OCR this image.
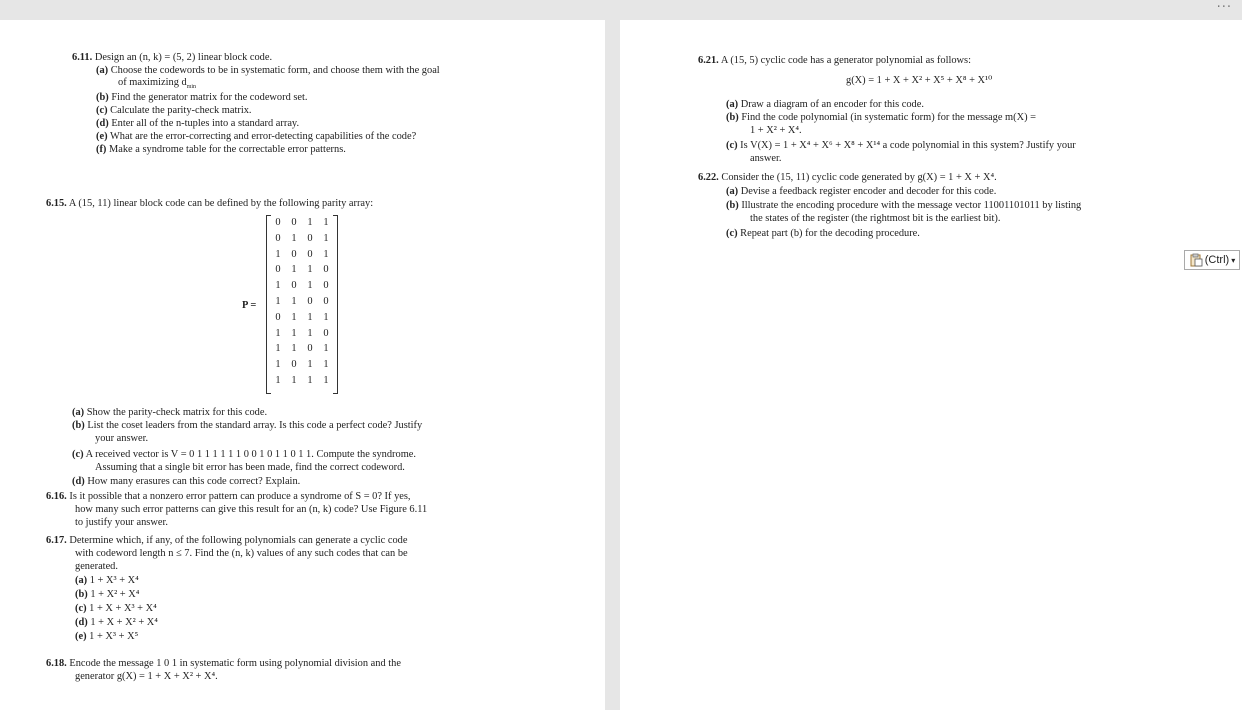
···
6.11. Design an (n, k) = (5, 2) linear block code.
(a) Choose the codewords to be in systematic form, and choose them with the goal
of maximizing $d_{min}$
(b) Find the generator matrix for the codeword set.
(c) Calculate the parity-check matrix.
(d) Enter all of the n-tuples into a standard array.
(e) What are the error-correcting and error-detecting capabilities of the code?
(f) Make a syndrome table for the correctable error patterns.
6.15. A (15, 11) linear block code can be defined by the following parity array:
P =
0 0 1 1
0 1 0 1
1 0 0 1
0 1 1 0
1 0 1 0
1 1 0 0
0 1 1 1
1 1 1 0
1 1 0 1
1 0 1 1
1 1 1 1
(a) Show the parity-check matrix for this code.
(b) List the coset leaders from the standard array. Is this code a perfect code? Justify
your answer.
(c) A received vector is V = 0 1 1 1 1 1 1 0 0 1 0 1 1 0 1 1. Compute the syndrome.
Assuming that a single bit error has been made, find the correct codeword.
(d) How many erasures can this code correct? Explain.
6.16. Is it possible that a nonzero error pattern can produce a syndrome of S = 0? If yes,
how many such error patterns can give this result for an (n, k) code? Use Figure 6.11
to justify your answer.
6.17. Determine which, if any, of the following polynomials can generate a cyclic code
with codeword length n ≤ 7. Find the (n, k) values of any such codes that can be
generated.
(a) 1 + X³ + X⁴
(b) 1 + X² + X⁴
(c) 1 + X + X³ + X⁴
(d) 1 + X + X² + X⁴
(e) 1 + X³ + X⁵
6.18. Encode the message 1 0 1 in systematic form using polynomial division and the
generator g(X) = 1 + X + X² + X⁴.
6.21. A (15, 5) cyclic code has a generator polynomial as follows:
g(X) = 1 + X + X² + X⁵ + X⁸ + X¹⁰
(a) Draw a diagram of an encoder for this code.
(b) Find the code polynomial (in systematic form) for the message m(X) =
1 + X² + X⁴.
(c) Is V(X) = 1 + X⁴ + X⁶ + X⁸ + X¹⁴ a code polynomial in this system? Justify your
answer.
6.22. Consider the (15, 11) cyclic code generated by g(X) = 1 + X + X⁴.
(a) Devise a feedback register encoder and decoder for this code.
(b) Illustrate the encoding procedure with the message vector 11001101011 by listing
the states of the register (the rightmost bit is the earliest bit).
(c) Repeat part (b) for the decoding procedure.
(Ctrl) ▾
